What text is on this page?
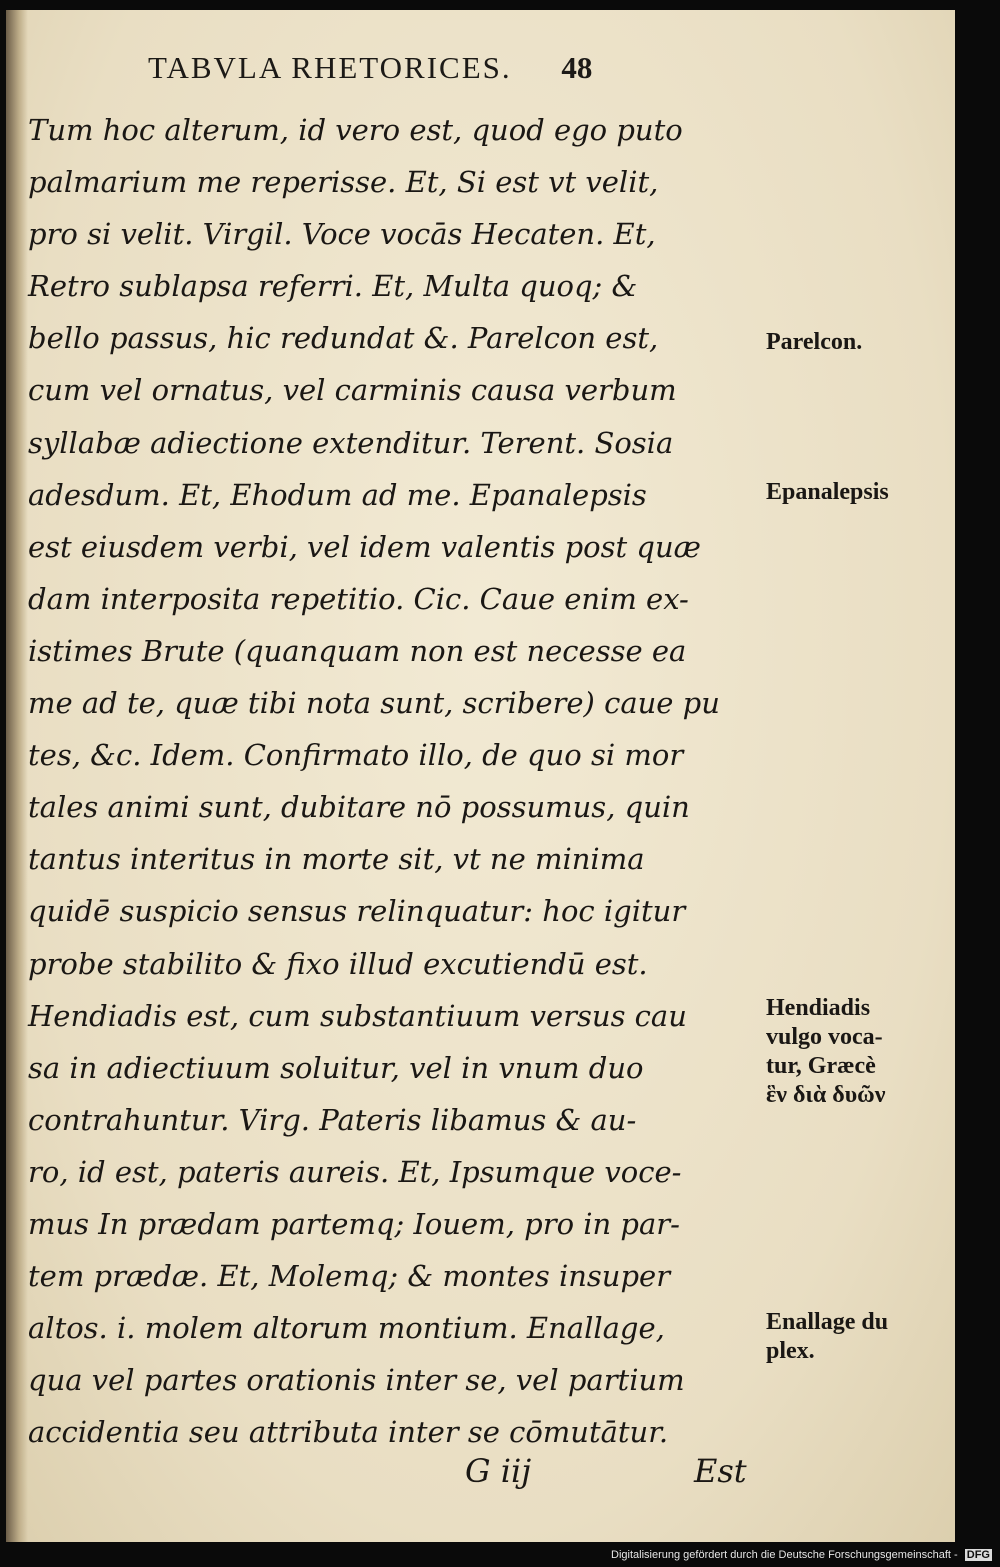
TABVLA RHETORICES. 48
Tum hoc alterum, id vero est, quod ego puto
palmarium me reperisse. Et, Si est vt velit,
pro si velit. Virgil. Voce vocās Hecaten. Et,
Retro sublapsa referri. Et, Multa quoq; &
bello passus, hic redundat &. Parelcon est,
cum vel ornatus, vel carminis causa verbum
syllabæ adiectione extenditur. Terent. Sosia
adesdum. Et, Ehodum ad me. Epanalepsis
est eiusdem verbi, vel idem valentis post quæ
dam interposita repetitio. Cic. Caue enim ex-
istimes Brute (quanquam non est necesse ea
me ad te, quæ tibi nota sunt, scribere) caue pu
tes, &c. Idem. Confirmato illo, de quo si mor
tales animi sunt, dubitare nō possumus, quin
tantus interitus in morte sit, vt ne minima
quidē suspicio sensus relinquatur: hoc igitur
probe stabilito & fixo illud excutiendū est.
Hendiadis est, cum substantiuum versus cau
sa in adiectiuum soluitur, vel in vnum duo
contrahuntur. Virg. Pateris libamus & au-
ro, id est, pateris aureis. Et, Ipsumque voce-
mus In prædam partemq; Iouem, pro in par-
tem prædæ. Et, Molemq; & montes insuper
altos. i. molem altorum montium. Enallage,
qua vel partes orationis inter se, vel partium
accidentia seu attributa inter se cōmutātur.
Parelcon.
Epanalepsis
Hendiadis
vulgo voca-
tur, Græcè
ἓν διὰ δυῶν
Enallage du
plex.
G iij	Est
Digitalisierung gefördert durch die Deutsche Forschungsgemeinschaft - DFG
